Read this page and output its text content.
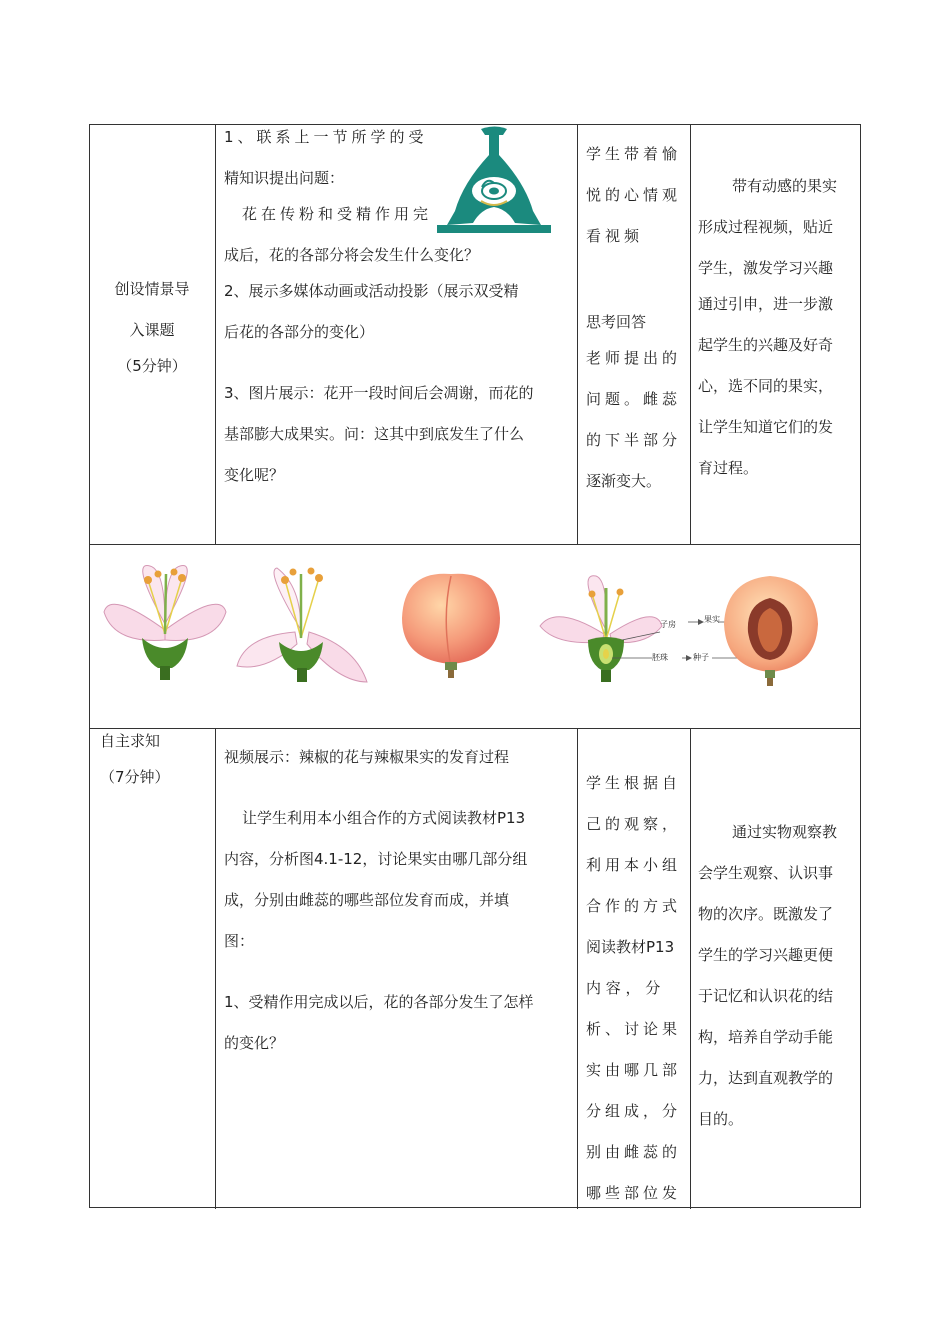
创设情景导
入课题
（5分钟）
1、联系上一节所学的受
精知识提出问题：
花在传粉和受精作用完
成后，花的各部分将会发生什么变化？
2、展示多媒体动画或活动投影（展示双受精
后花的各部分的变化）
3、图片展示：花开一段时间后会凋谢，而花的
基部膨大成果实。问：这其中到底发生了什么
变化呢？
学生带着愉
悦的心情观
看视频
思考回答
老师提出的
问题。雌蕊
的下半部分
逐渐变大。
带有动感的果实
形成过程视频，贴近
学生，激发学习兴趣
通过引申，进一步激
起学生的兴趣及好奇
心，选不同的果实，
让学生知道它们的发
育过程。
子房
果实
胚珠	种子
自主求知
（7分钟）
视频展示：辣椒的花与辣椒果实的发育过程
让学生利用本小组合作的方式阅读教材P13
内容，分析图4.1-12，讨论果实由哪几部分组
成，分别由雌蕊的哪些部位发育而成，并填
图：
1、受精作用完成以后，花的各部分发生了怎样
的变化？
学生根据自
己的观察，
利用本小组
合作的方式
阅读教材P13
内 容 ， 分
析、讨论果
实由哪几部
分组成，分
别由雌蕊的
哪些部位发
通过实物观察教
会学生观察、认识事
物的次序。既激发了
学生的学习兴趣更便
于记忆和认识花的结
构，培养自学动手能
力，达到直观教学的
目的。
